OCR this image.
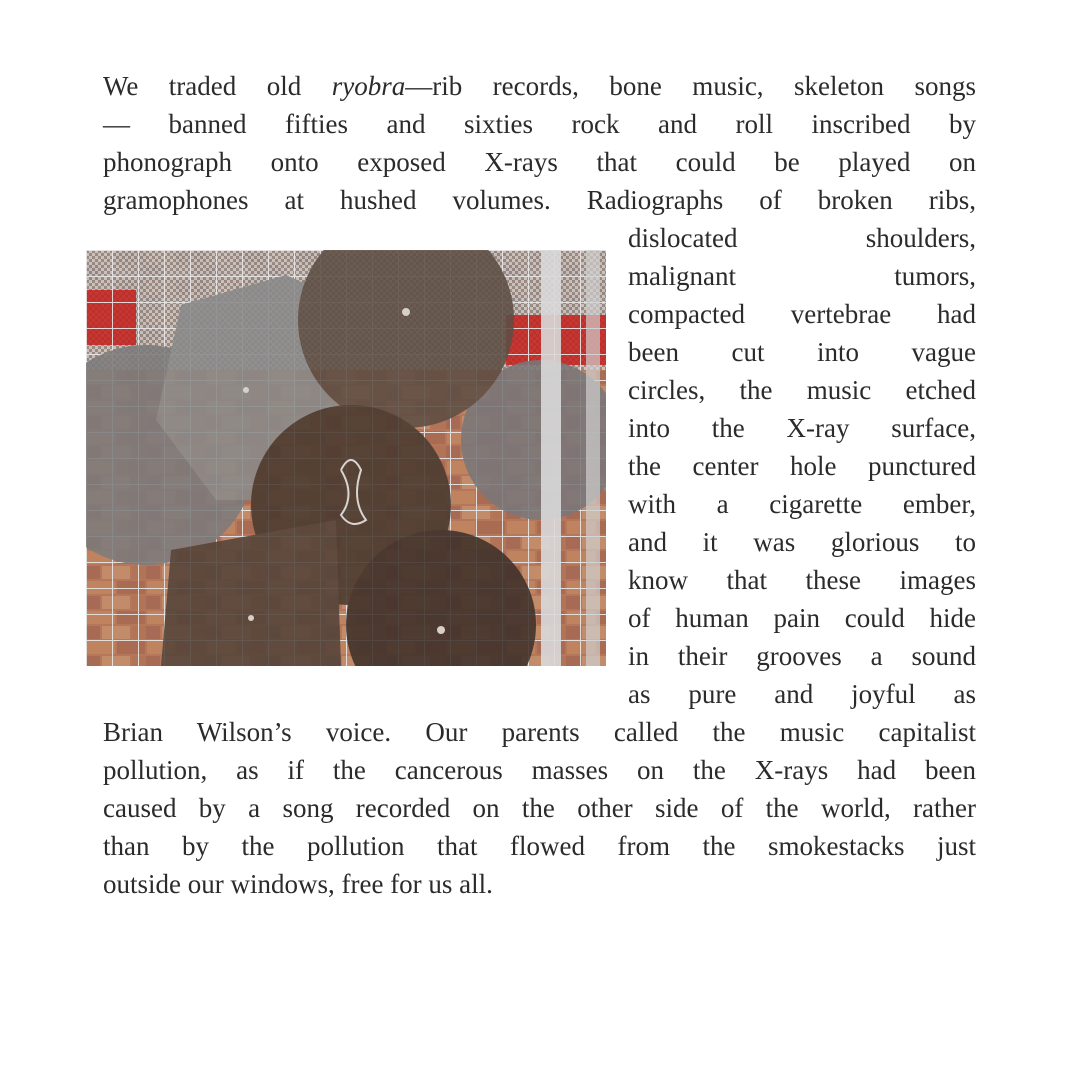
We traded old ryobra—rib records, bone music, skeleton songs

— banned fifties and sixties rock and roll inscribed by

phonograph onto exposed X-rays that could be played on

gramophones at hushed volumes. Radiographs of broken ribs,

dislocated shoulders,

malignant tumors,

compacted vertebrae had

been cut into vague

circles, the music etched

into the X-ray surface,

the center hole punctured

with a cigarette ember,

and it was glorious to

know that these images

of human pain could hide

in their grooves a sound

as pure and joyful as

Brian Wilson’s voice. Our parents called the music capitalist

pollution, as if the cancerous masses on the X-rays had been

caused by a song recorded on the other side of the world, rather

than by the pollution that flowed from the smokestacks just

outside our windows, free for us all.
